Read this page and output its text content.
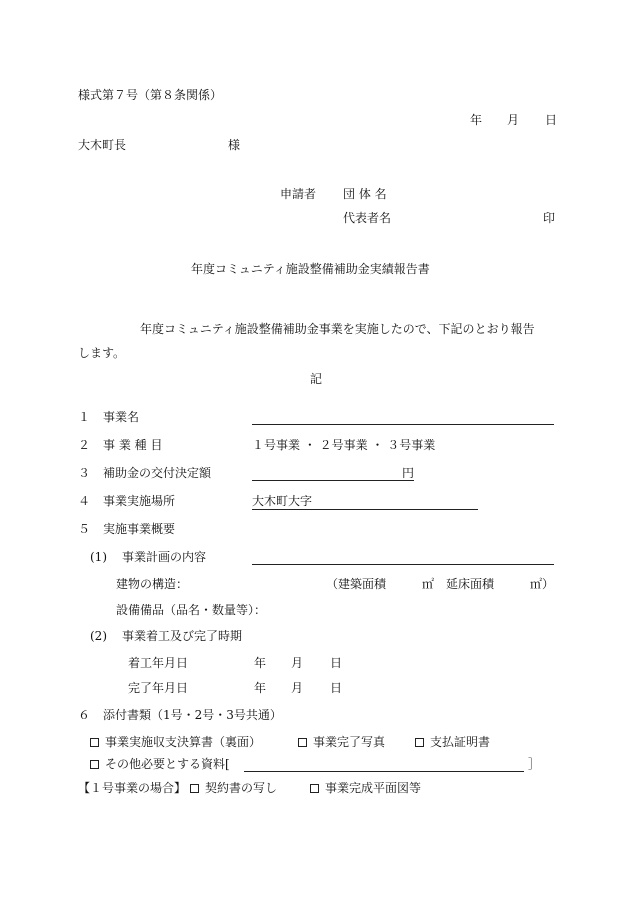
様式第７号（第８条関係）
年 月 日
大木町長	様
申請者 団 体 名
代表者名	印
年度コミュニティ施設整備補助金実績報告書
年度コミュニティ施設整備補助金事業を実施したので、下記のとおり報告
します。
記
１ 事業名
２ 事 業 種 目	１号事業 ・ ２号事業 ・ ３号事業
３ 補助金の交付決定額	円
４ 事業実施場所	大木町大字
５ 実施事業概要
(1) 事業計画の内容
建物の構造：	（建築面積　　　㎡　延床面積　　　㎡）
設備備品（品名・数量等）：
(2) 事業着工及び完了時期
着工年月日	年 月 日
完了年月日	年 月 日
６ 添付書類（1号・2号・3号共通）
事業実施収支決算書（裏面）	事業完了写真	支払証明書
その他必要とする資料[	］
【１号事業の場合】	契約書の写し	事業完成平面図等
